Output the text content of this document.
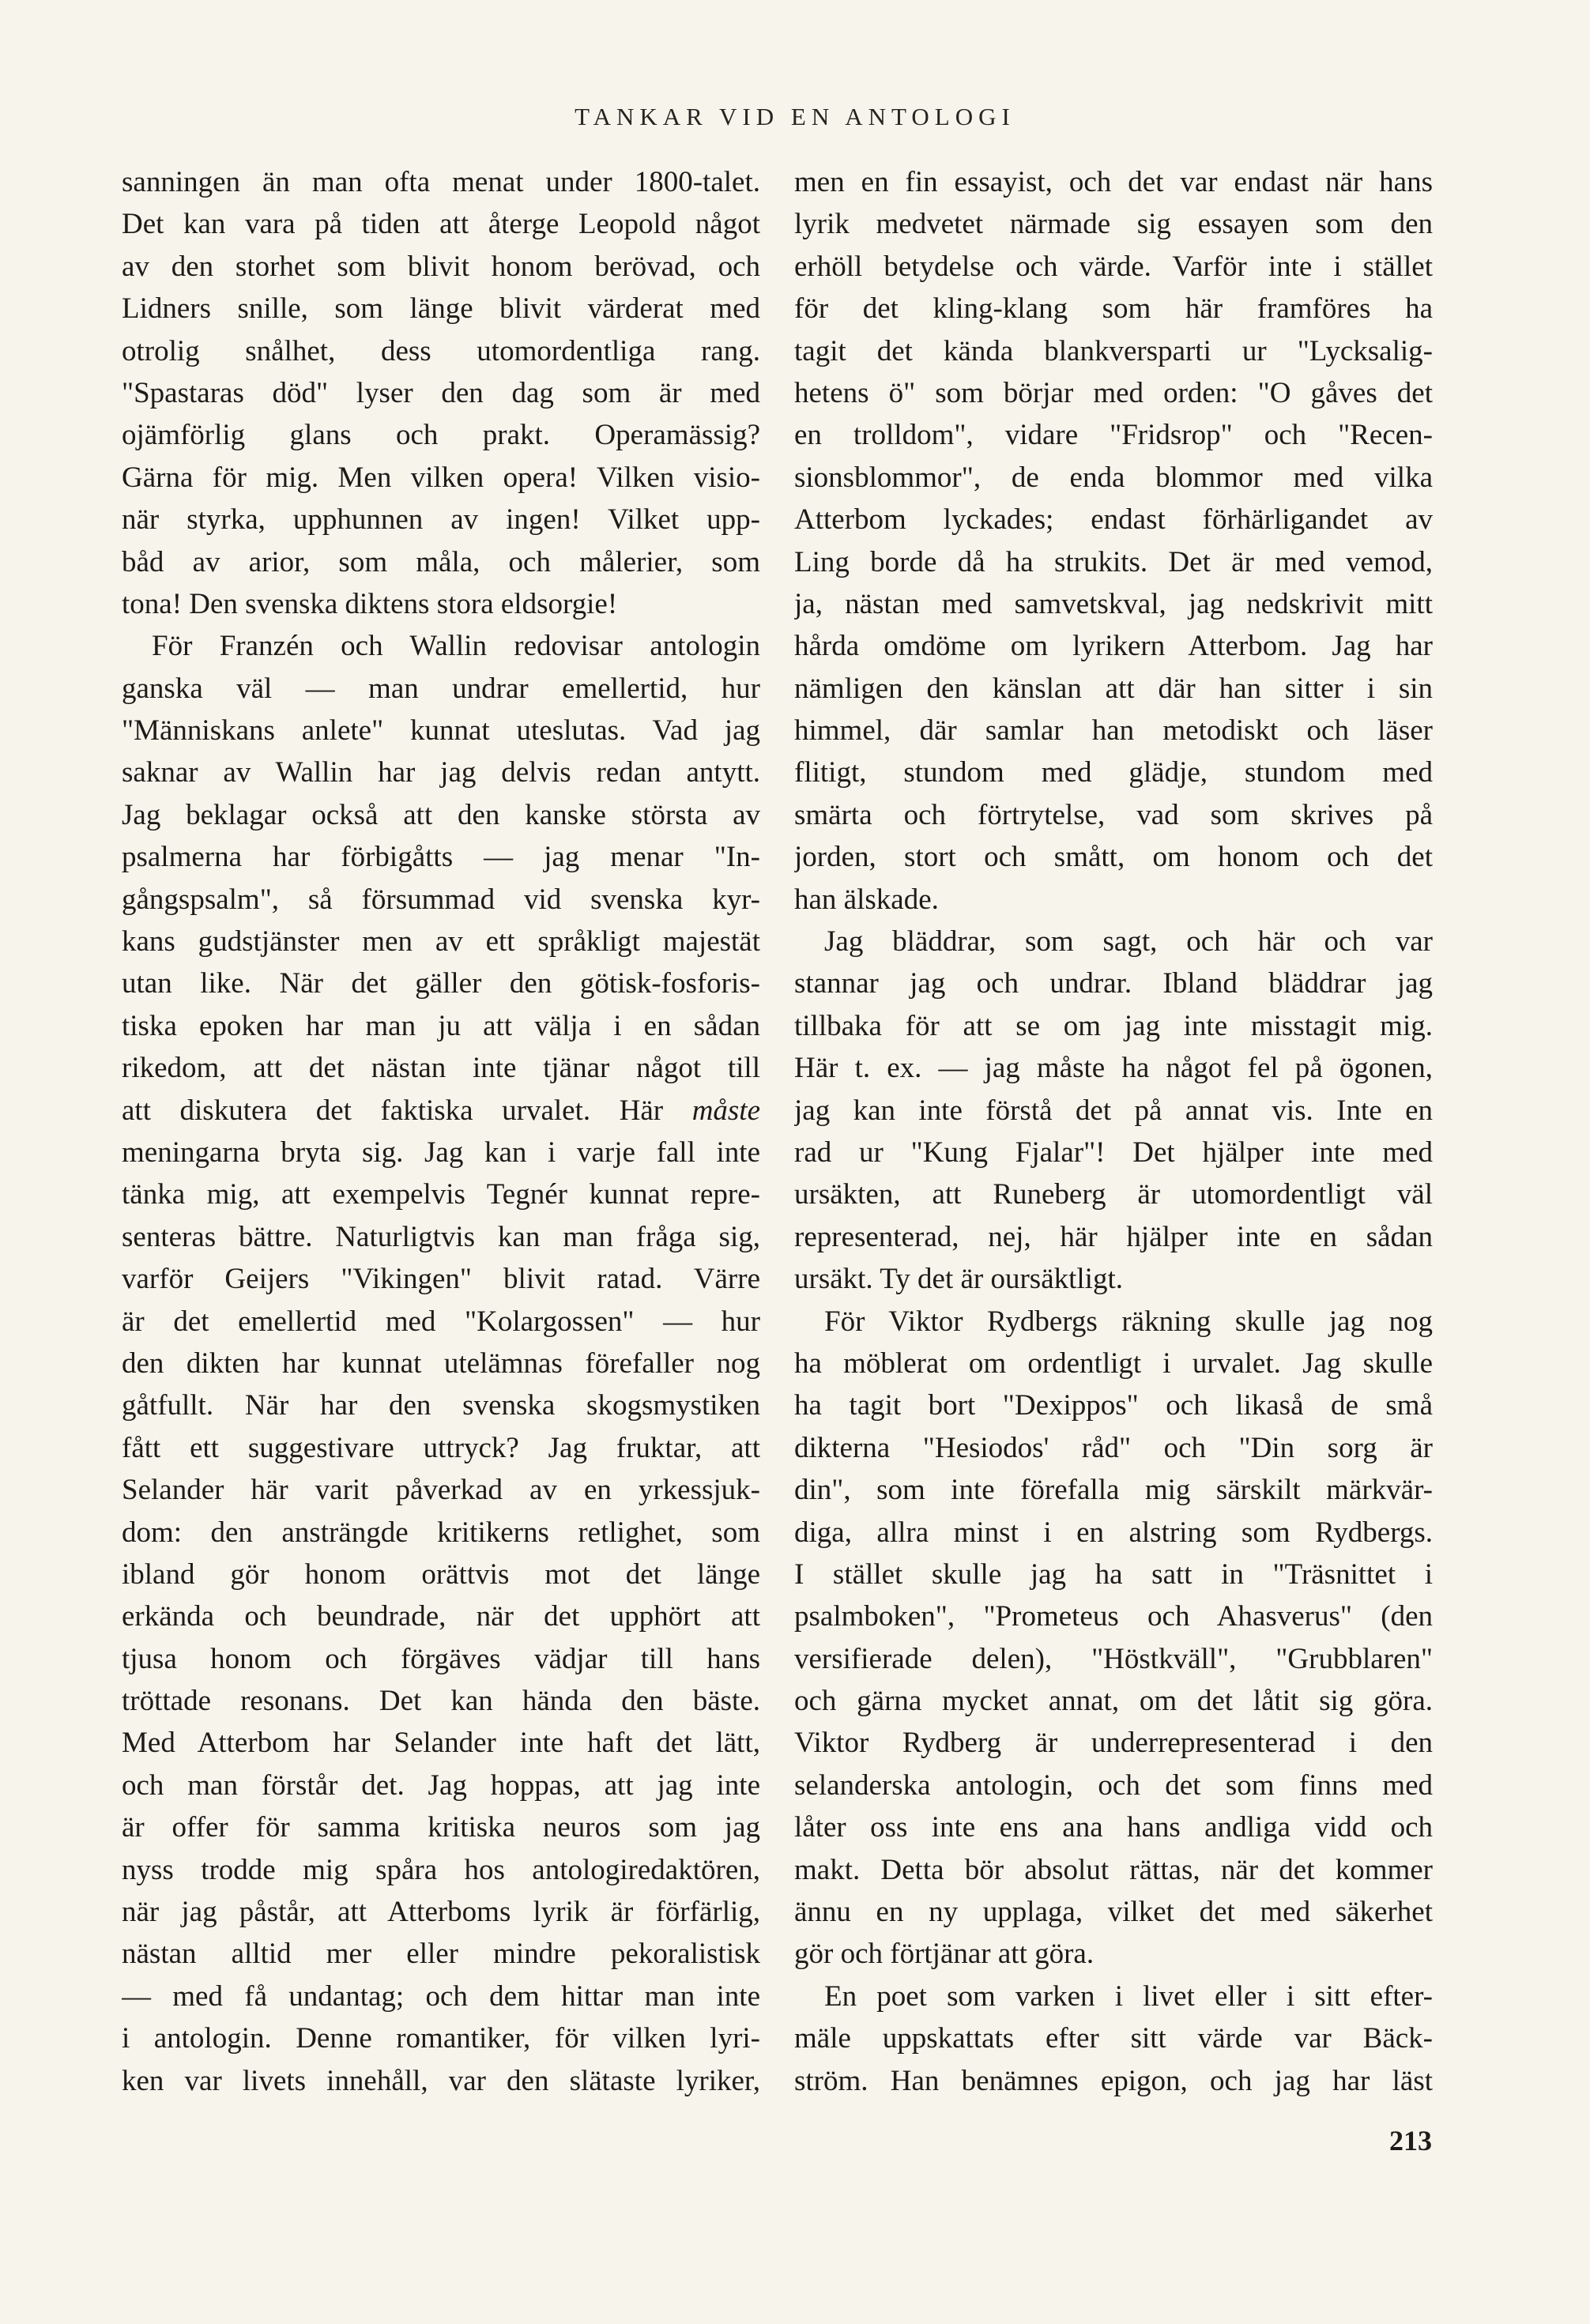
TANKAR VID EN ANTOLOGI
sanningen än man ofta menat under 1800-talet.
Det kan vara på tiden att återge Leopold något
av den storhet som blivit honom berövad, och
Lidners snille, som länge blivit värderat med
otrolig snålhet, dess utomordentliga rang.
"Spastaras död" lyser den dag som är med
ojämförlig glans och prakt. Operamässig?
Gärna för mig. Men vilken opera! Vilken visio-
när styrka, upphunnen av ingen! Vilket upp-
båd av arior, som måla, och målerier, som
tona! Den svenska diktens stora eldsorgie!
För Franzén och Wallin redovisar antologin
ganska väl — man undrar emellertid, hur
"Människans anlete" kunnat uteslutas. Vad jag
saknar av Wallin har jag delvis redan antytt.
Jag beklagar också att den kanske största av
psalmerna har förbigåtts — jag menar "In-
gångspsalm", så försummad vid svenska kyr-
kans gudstjänster men av ett språkligt majestät
utan like. När det gäller den götisk-fosforis-
tiska epoken har man ju att välja i en sådan
rikedom, att det nästan inte tjänar något till
att diskutera det faktiska urvalet. Här måste
meningarna bryta sig. Jag kan i varje fall inte
tänka mig, att exempelvis Tegnér kunnat repre-
senteras bättre. Naturligtvis kan man fråga sig,
varför Geijers "Vikingen" blivit ratad. Värre
är det emellertid med "Kolargossen" — hur
den dikten har kunnat utelämnas förefaller nog
gåtfullt. När har den svenska skogsmystiken
fått ett suggestivare uttryck? Jag fruktar, att
Selander här varit påverkad av en yrkessjuk-
dom: den ansträngde kritikerns retlighet, som
ibland gör honom orättvis mot det länge
erkända och beundrade, när det upphört att
tjusa honom och förgäves vädjar till hans
tröttade resonans. Det kan hända den bäste.
Med Atterbom har Selander inte haft det lätt,
och man förstår det. Jag hoppas, att jag inte
är offer för samma kritiska neuros som jag
nyss trodde mig spåra hos antologiredaktören,
när jag påstår, att Atterboms lyrik är förfärlig,
nästan alltid mer eller mindre pekoralistisk
— med få undantag; och dem hittar man inte
i antologin. Denne romantiker, för vilken lyri-
ken var livets innehåll, var den slätaste lyriker,
men en fin essayist, och det var endast när hans
lyrik medvetet närmade sig essayen som den
erhöll betydelse och värde. Varför inte i stället
för det kling-klang som här framföres ha
tagit det kända blankversparti ur "Lycksalig-
hetens ö" som börjar med orden: "O gåves det
en trolldom", vidare "Fridsrop" och "Recen-
sionsblommor", de enda blommor med vilka
Atterbom lyckades; endast förhärligandet av
Ling borde då ha strukits. Det är med vemod,
ja, nästan med samvetskval, jag nedskrivit mitt
hårda omdöme om lyrikern Atterbom. Jag har
nämligen den känslan att där han sitter i sin
himmel, där samlar han metodiskt och läser
flitigt, stundom med glädje, stundom med
smärta och förtrytelse, vad som skrives på
jorden, stort och smått, om honom och det
han älskade.
Jag bläddrar, som sagt, och här och var
stannar jag och undrar. Ibland bläddrar jag
tillbaka för att se om jag inte misstagit mig.
Här t. ex. — jag måste ha något fel på ögonen,
jag kan inte förstå det på annat vis. Inte en
rad ur "Kung Fjalar"! Det hjälper inte med
ursäkten, att Runeberg är utomordentligt väl
representerad, nej, här hjälper inte en sådan
ursäkt. Ty det är oursäktligt.
För Viktor Rydbergs räkning skulle jag nog
ha möblerat om ordentligt i urvalet. Jag skulle
ha tagit bort "Dexippos" och likaså de små
dikterna "Hesiodos' råd" och "Din sorg är
din", som inte förefalla mig särskilt märkvär-
diga, allra minst i en alstring som Rydbergs.
I stället skulle jag ha satt in "Träsnittet i
psalmboken", "Prometeus och Ahasverus" (den
versifierade delen), "Höstkväll", "Grubblaren"
och gärna mycket annat, om det låtit sig göra.
Viktor Rydberg är underrepresenterad i den
selanderska antologin, och det som finns med
låter oss inte ens ana hans andliga vidd och
makt. Detta bör absolut rättas, när det kommer
ännu en ny upplaga, vilket det med säkerhet
gör och förtjänar att göra.
En poet som varken i livet eller i sitt efter-
mäle uppskattats efter sitt värde var Bäck-
ström. Han benämnes epigon, och jag har läst
213
